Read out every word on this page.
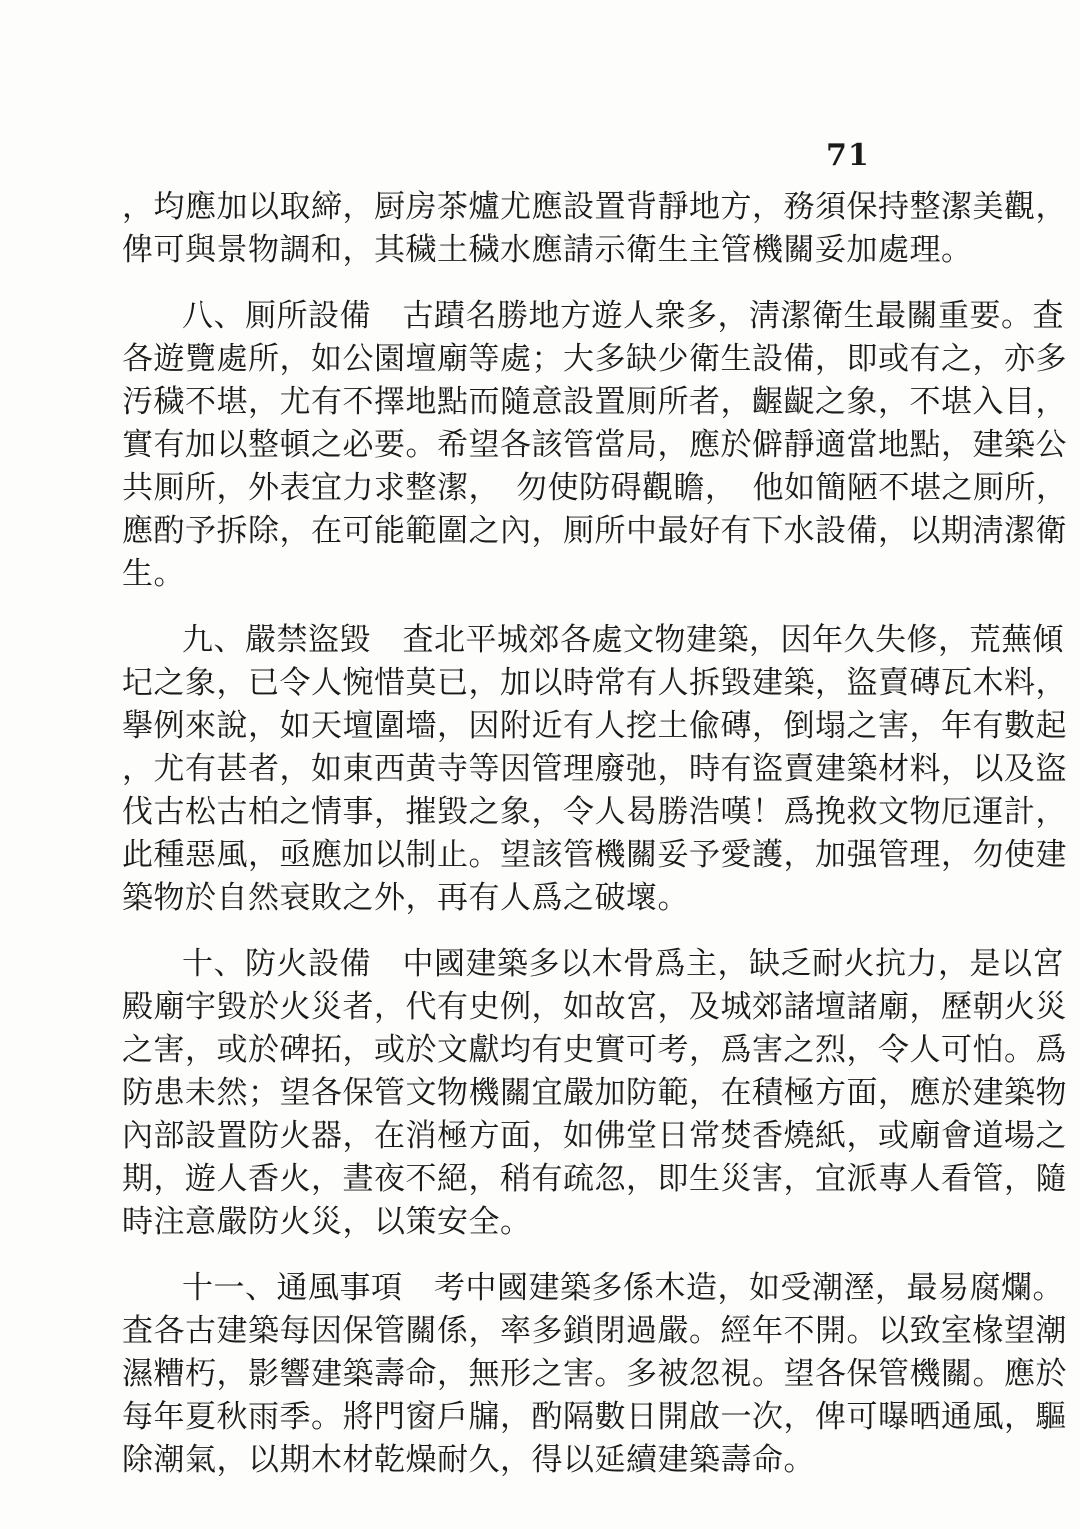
71
，均應加以取締，厨房茶爐尤應設置背靜地方，務須保持整潔美觀，
俾可與景物調和，其穢土穢水應請示衛生主管機關妥加處理。
八、厠所設備　古蹟名勝地方遊人衆多，淸潔衛生最關重要。査
各遊覽處所，如公園壇廟等處；大多缺少衛生設備，即或有之，亦多
汚穢不堪，尤有不擇地點而隨意設置厠所者，齷齪之象，不堪入目，
實有加以整頓之必要。希望各該管當局，應於僻靜適當地點，建築公
共厠所，外表宜力求整潔，　勿使防碍觀瞻，　他如簡陋不堪之厠所，
應酌予拆除，在可能範圍之內，厠所中最好有下水設備，以期淸潔衛
生。
九、嚴禁盜毀　査北平城郊各處文物建築，因年久失修，荒蕪傾
圮之象，已令人惋惜莫已，加以時常有人拆毀建築，盜賣磚瓦木料，
擧例來說，如天壇圍墻，因附近有人挖土偸磚，倒塌之害，年有數起
，尤有甚者，如東西黄寺等因管理廢弛，時有盜賣建築材料，以及盜
伐古松古柏之情事，摧毀之象，令人曷勝浩嘆！爲挽救文物厄運計，
此種惡風，亟應加以制止。望該管機關妥予愛護，加强管理，勿使建
築物於自然衰敗之外，再有人爲之破壞。
十、防火設備　中國建築多以木骨爲主，缺乏耐火抗力，是以宮
殿廟宇毀於火災者，代有史例，如故宮，及城郊諸壇諸廟，歷朝火災
之害，或於碑拓，或於文獻均有史實可考，爲害之烈，令人可怕。爲
防患未然；望各保管文物機關宜嚴加防範，在積極方面，應於建築物
內部設置防火器，在消極方面，如佛堂日常焚香燒紙，或廟會道場之
期，遊人香火，晝夜不絕，稍有疏忽，即生災害，宜派專人看管，隨
時注意嚴防火災，以策安全。
十一、通風事項　考中國建築多係木造，如受潮溼，最易腐爛。
査各古建築每因保管關係，率多鎖閉過嚴。經年不開。以致室椽望潮
濕糟朽，影響建築壽命，無形之害。多被忽視。望各保管機關。應於
每年夏秋雨季。將門窗戶牖，酌隔數日開啟一次，俾可曝晒通風，驅
除潮氣，以期木材乾燥耐久，得以延續建築壽命。
